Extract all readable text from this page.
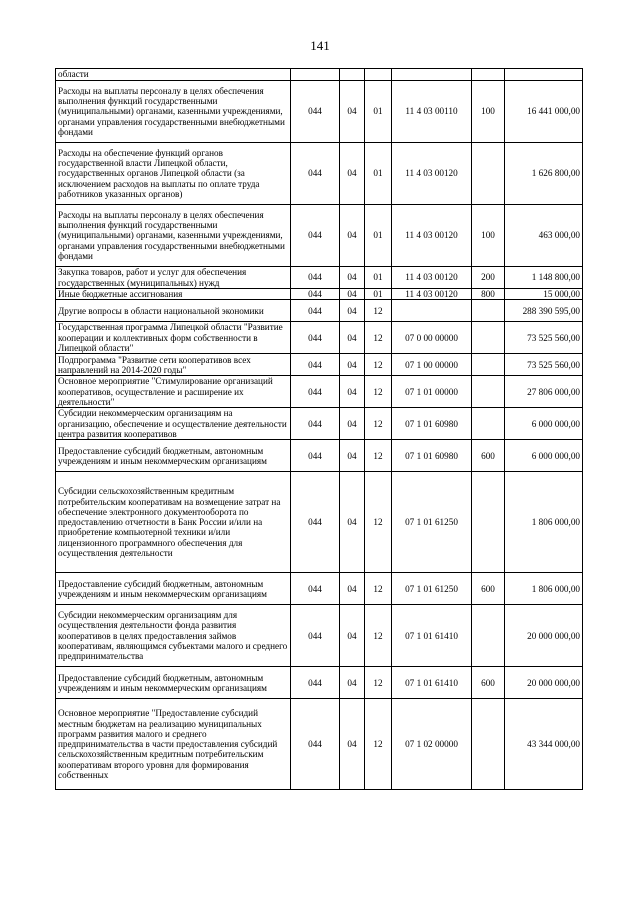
141
области						
Расходы на выплаты персоналу в целях обеспечения выполнения функций государственными (муниципальными) органами, казенными учреждениями, органами управления государственными внебюджетными фондами	044	04	01	11 4 03 00110	100	16 441 000,00
Расходы на обеспечение функций органов государственной власти Липецкой области, государственных органов Липецкой области (за исключением расходов на выплаты по оплате труда работников указанных органов)	044	04	01	11 4 03 00120		1 626 800,00
Расходы на выплаты персоналу в целях обеспечения выполнения функций государственными (муниципальными) органами, казенными учреждениями, органами управления государственными внебюджетными фондами	044	04	01	11 4 03 00120	100	463 000,00
Закупка товаров, работ и услуг для обеспечения государственных (муниципальных) нужд	044	04	01	11 4 03 00120	200	1 148 800,00
Иные бюджетные ассигнования	044	04	01	11 4 03 00120	800	15 000,00
Другие вопросы в области национальной экономики	044	04	12			288 390 595,00
Государственная программа Липецкой области "Развитие кооперации и коллективных форм собственности в Липецкой области"	044	04	12	07 0 00 00000		73 525 560,00
Подпрограмма "Развитие сети кооперативов всех направлений на 2014-2020 годы"	044	04	12	07 1 00 00000		73 525 560,00
Основное мероприятие "Стимулирование организаций кооперативов, осуществление и расширение их деятельности"	044	04	12	07 1 01 00000		27 806 000,00
Субсидии некоммерческим организациям на организацию, обеспечение и осуществление деятельности центра развития кооперативов	044	04	12	07 1 01 60980		6 000 000,00
Предоставление субсидий бюджетным, автономным учреждениям и иным некоммерческим организациям	044	04	12	07 1 01 60980	600	6 000 000,00
Субсидии сельскохозяйственным кредитным потребительским кооперативам на возмещение затрат на обеспечение электронного документооборота по предоставлению отчетности в Банк России и/или на приобретение компьютерной техники и/или лицензионного программного обеспечения для осуществления деятельности	044	04	12	07 1 01 61250		1 806 000,00
Предоставление субсидий бюджетным, автономным учреждениям и иным некоммерческим организациям	044	04	12	07 1 01 61250	600	1 806 000,00
Субсидии некоммерческим организациям для осуществления деятельности фонда развития кооперативов в целях предоставления займов кооперативам, являющимся субъектами малого и среднего предпринимательства	044	04	12	07 1 01 61410		20 000 000,00
Предоставление субсидий бюджетным, автономным учреждениям и иным некоммерческим организациям	044	04	12	07 1 01 61410	600	20 000 000,00
Основное мероприятие "Предоставление субсидий местным бюджетам на реализацию муниципальных программ развития малого и среднего предпринимательства в части предоставления субсидий сельскохозяйственным кредитным потребительским кооперативам второго уровня для формирования собственных	044	04	12	07 1 02 00000		43 344 000,00
